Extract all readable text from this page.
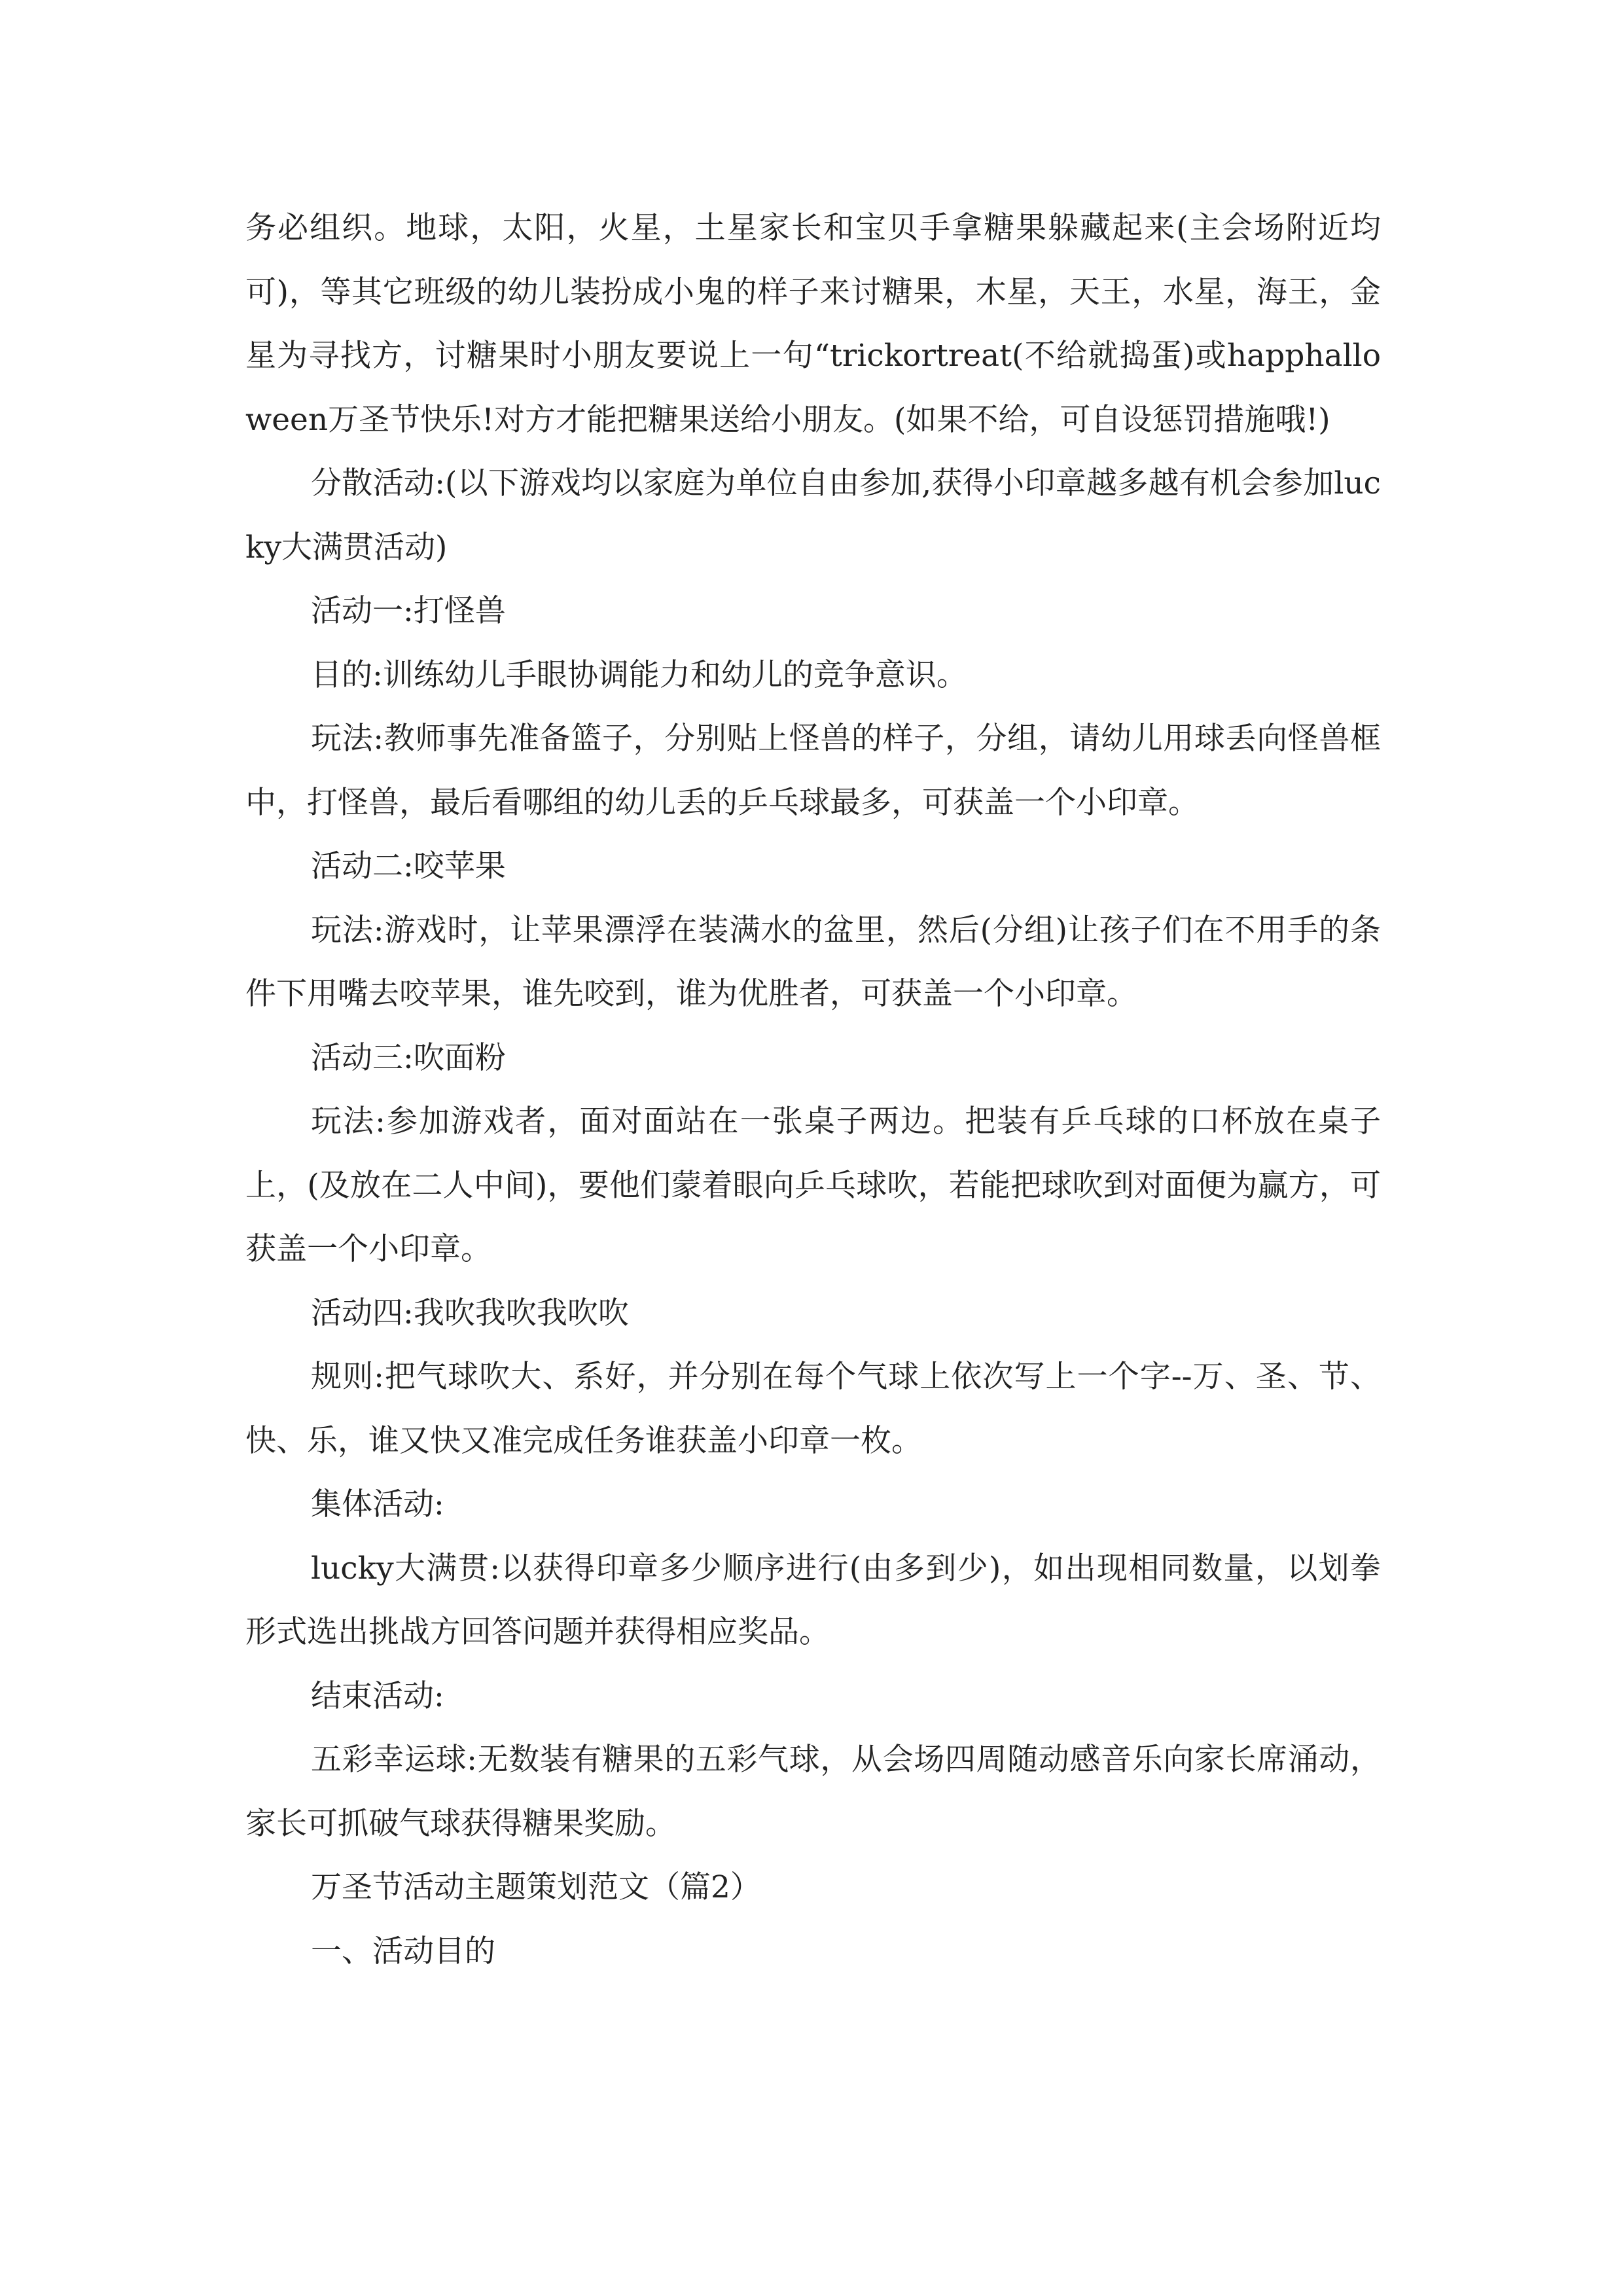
务必组织。地球，太阳，火星，土星家长和宝贝手拿糖果躲藏起来(主会场附近均可)，等其它班级的幼儿装扮成小鬼的样子来讨糖果，木星，天王，水星，海王，金星为寻找方，讨糖果时小朋友要说上一句“trickortreat(不给就捣蛋)或happhalloween万圣节快乐!对方才能把糖果送给小朋友。(如果不给，可自设惩罚措施哦!)

分散活动:(以下游戏均以家庭为单位自由参加,获得小印章越多越有机会参加lucky大满贯活动)

活动一:打怪兽

目的:训练幼儿手眼协调能力和幼儿的竞争意识。

玩法:教师事先准备篮子，分别贴上怪兽的样子，分组，请幼儿用球丢向怪兽框中，打怪兽，最后看哪组的幼儿丢的乒乓球最多，可获盖一个小印章。

活动二:咬苹果

玩法:游戏时，让苹果漂浮在装满水的盆里，然后(分组)让孩子们在不用手的条件下用嘴去咬苹果，谁先咬到，谁为优胜者，可获盖一个小印章。

活动三:吹面粉

玩法:参加游戏者，面对面站在一张桌子两边。把装有乒乓球的口杯放在桌子上，(及放在二人中间)，要他们蒙着眼向乒乓球吹，若能把球吹到对面便为赢方，可获盖一个小印章。

活动四:我吹我吹我吹吹

规则:把气球吹大、系好，并分别在每个气球上依次写上一个字--万、圣、节、快、乐，谁又快又准完成任务谁获盖小印章一枚。

集体活动:

lucky大满贯:以获得印章多少顺序进行(由多到少)，如出现相同数量，以划拳形式选出挑战方回答问题并获得相应奖品。

结束活动:

五彩幸运球:无数装有糖果的五彩气球，从会场四周随动感音乐向家长席涌动，家长可抓破气球获得糖果奖励。

万圣节活动主题策划范文（篇2）

一、活动目的
